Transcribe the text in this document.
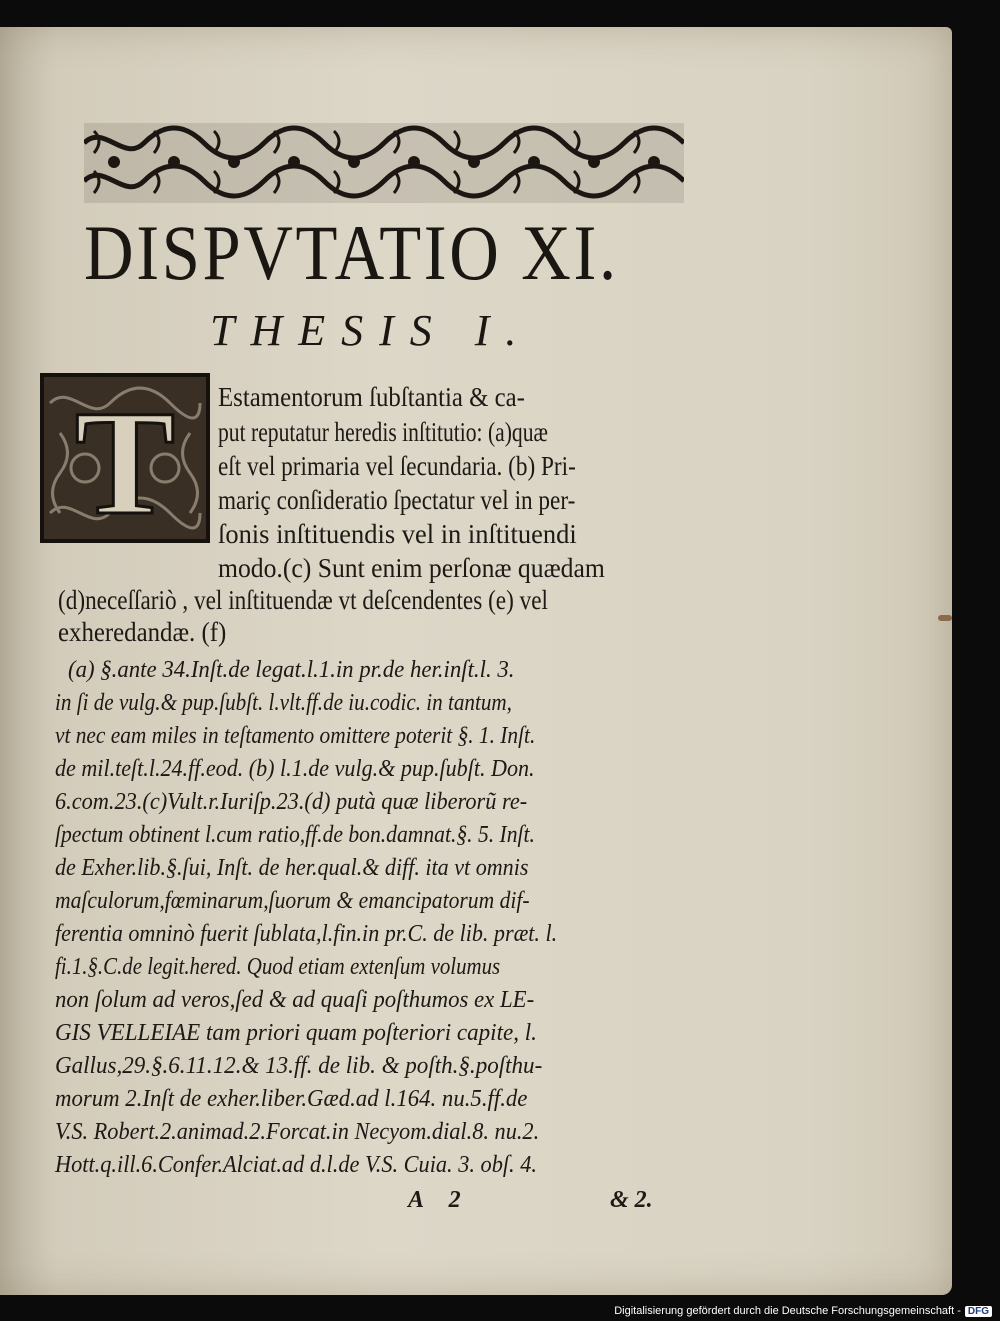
DISPVTATIO XI.
THESIS I.
T Estamentorum ſubſtantia & ca-
put reputatur heredis inſtitutio: (a)quæ
eſt vel primaria vel ſecundaria. (b) Pri-
mariç conſideratio ſpectatur vel in per-
ſonis inſtituendis vel in inſtituendi
modo.(c) Sunt enim perſonæ quædam
(d)neceſſariò , vel inſtituendæ vt deſcendentes (e) vel
exheredandæ. (f)
(a) §.ante 34.Inſt.de legat.l.1.in pr.de her.inſt.l. 3.
in ſi de vulg.& pup.ſubſt. l.vlt.ff.de iu.codic. in tantum,
vt nec eam miles in teſtamento omittere poterit §. 1. Inſt.
de mil.teſt.l.24.ff.eod. (b) l.1.de vulg.& pup.ſubſt. Don.
6.com.23.(c)Vult.r.Iuriſp.23.(d) putà quæ liberorũ re-
ſpectum obtinent l.cum ratio,ff.de bon.damnat.§. 5. Inſt.
de Exher.lib.§.ſui, Inſt. de her.qual.& diff. ita vt omnis
maſculorum,fœminarum,ſuorum & emancipatorum dif-
ferentia omninò fuerit ſublata,l.fin.in pr.C. de lib. præt. l.
fi.1.§.C.de legit.hered. Quod etiam extenſum volumus
non ſolum ad veros,ſed & ad quaſi poſthumos ex LE-
GIS VELLEIAE tam priori quam poſteriori capite, l.
Gallus,29.§.6.11.12.& 13.ff. de lib. & poſth.§.poſthu-
morum 2.Inſt de exher.liber.Gæd.ad l.164. nu.5.ff.de
V.S. Robert.2.animad.2.Forcat.in Necyom.dial.8. nu.2.
Hott.q.ill.6.Confer.Alciat.ad d.l.de V.S. Cuia. 3. obſ. 4.
A 2	& 2.
Digitalisierung gefördert durch die Deutsche Forschungsgemeinschaft - DFG
